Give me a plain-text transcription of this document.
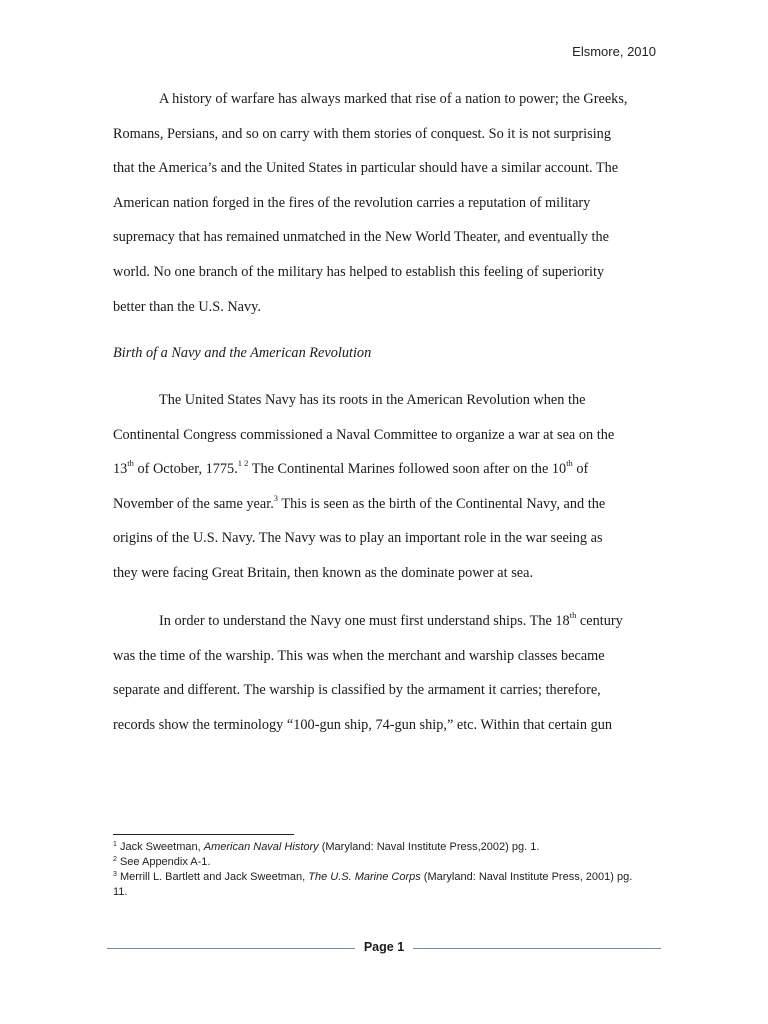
Elsmore, 2010
A history of warfare has always marked that rise of a nation to power; the Greeks,
Romans, Persians, and so on carry with them stories of conquest. So it is not surprising
that the America’s and the United States in particular should have a similar account. The
American nation forged in the fires of the revolution carries a reputation of military
supremacy that has remained unmatched in the New World Theater, and eventually the
world. No one branch of the military has helped to establish this feeling of superiority
better than the U.S. Navy.
Birth of a Navy and the American Revolution
The United States Navy has its roots in the American Revolution when the
Continental Congress commissioned a Naval Committee to organize a war at sea on the
13th of October, 1775.$^{1 2}$ The Continental Marines followed soon after on the 10th of
November of the same year.$^3$ This is seen as the birth of the Continental Navy, and the
origins of the U.S. Navy. The Navy was to play an important role in the war seeing as
they were facing Great Britain, then known as the dominate power at sea.
In order to understand the Navy one must first understand ships. The 18th century
was the time of the warship. This was when the merchant and warship classes became
separate and different. The warship is classified by the armament it carries; therefore,
records show the terminology “100-gun ship, 74-gun ship,” etc. Within that certain gun
$^1$ Jack Sweetman, American Naval History (Maryland: Naval Institute Press,2002) pg. 1.
$^2$ See Appendix A-1.
$^3$ Merrill L. Bartlett and Jack Sweetman, The U.S. Marine Corps (Maryland: Naval Institute Press, 2001) pg.
11.
Page 1
